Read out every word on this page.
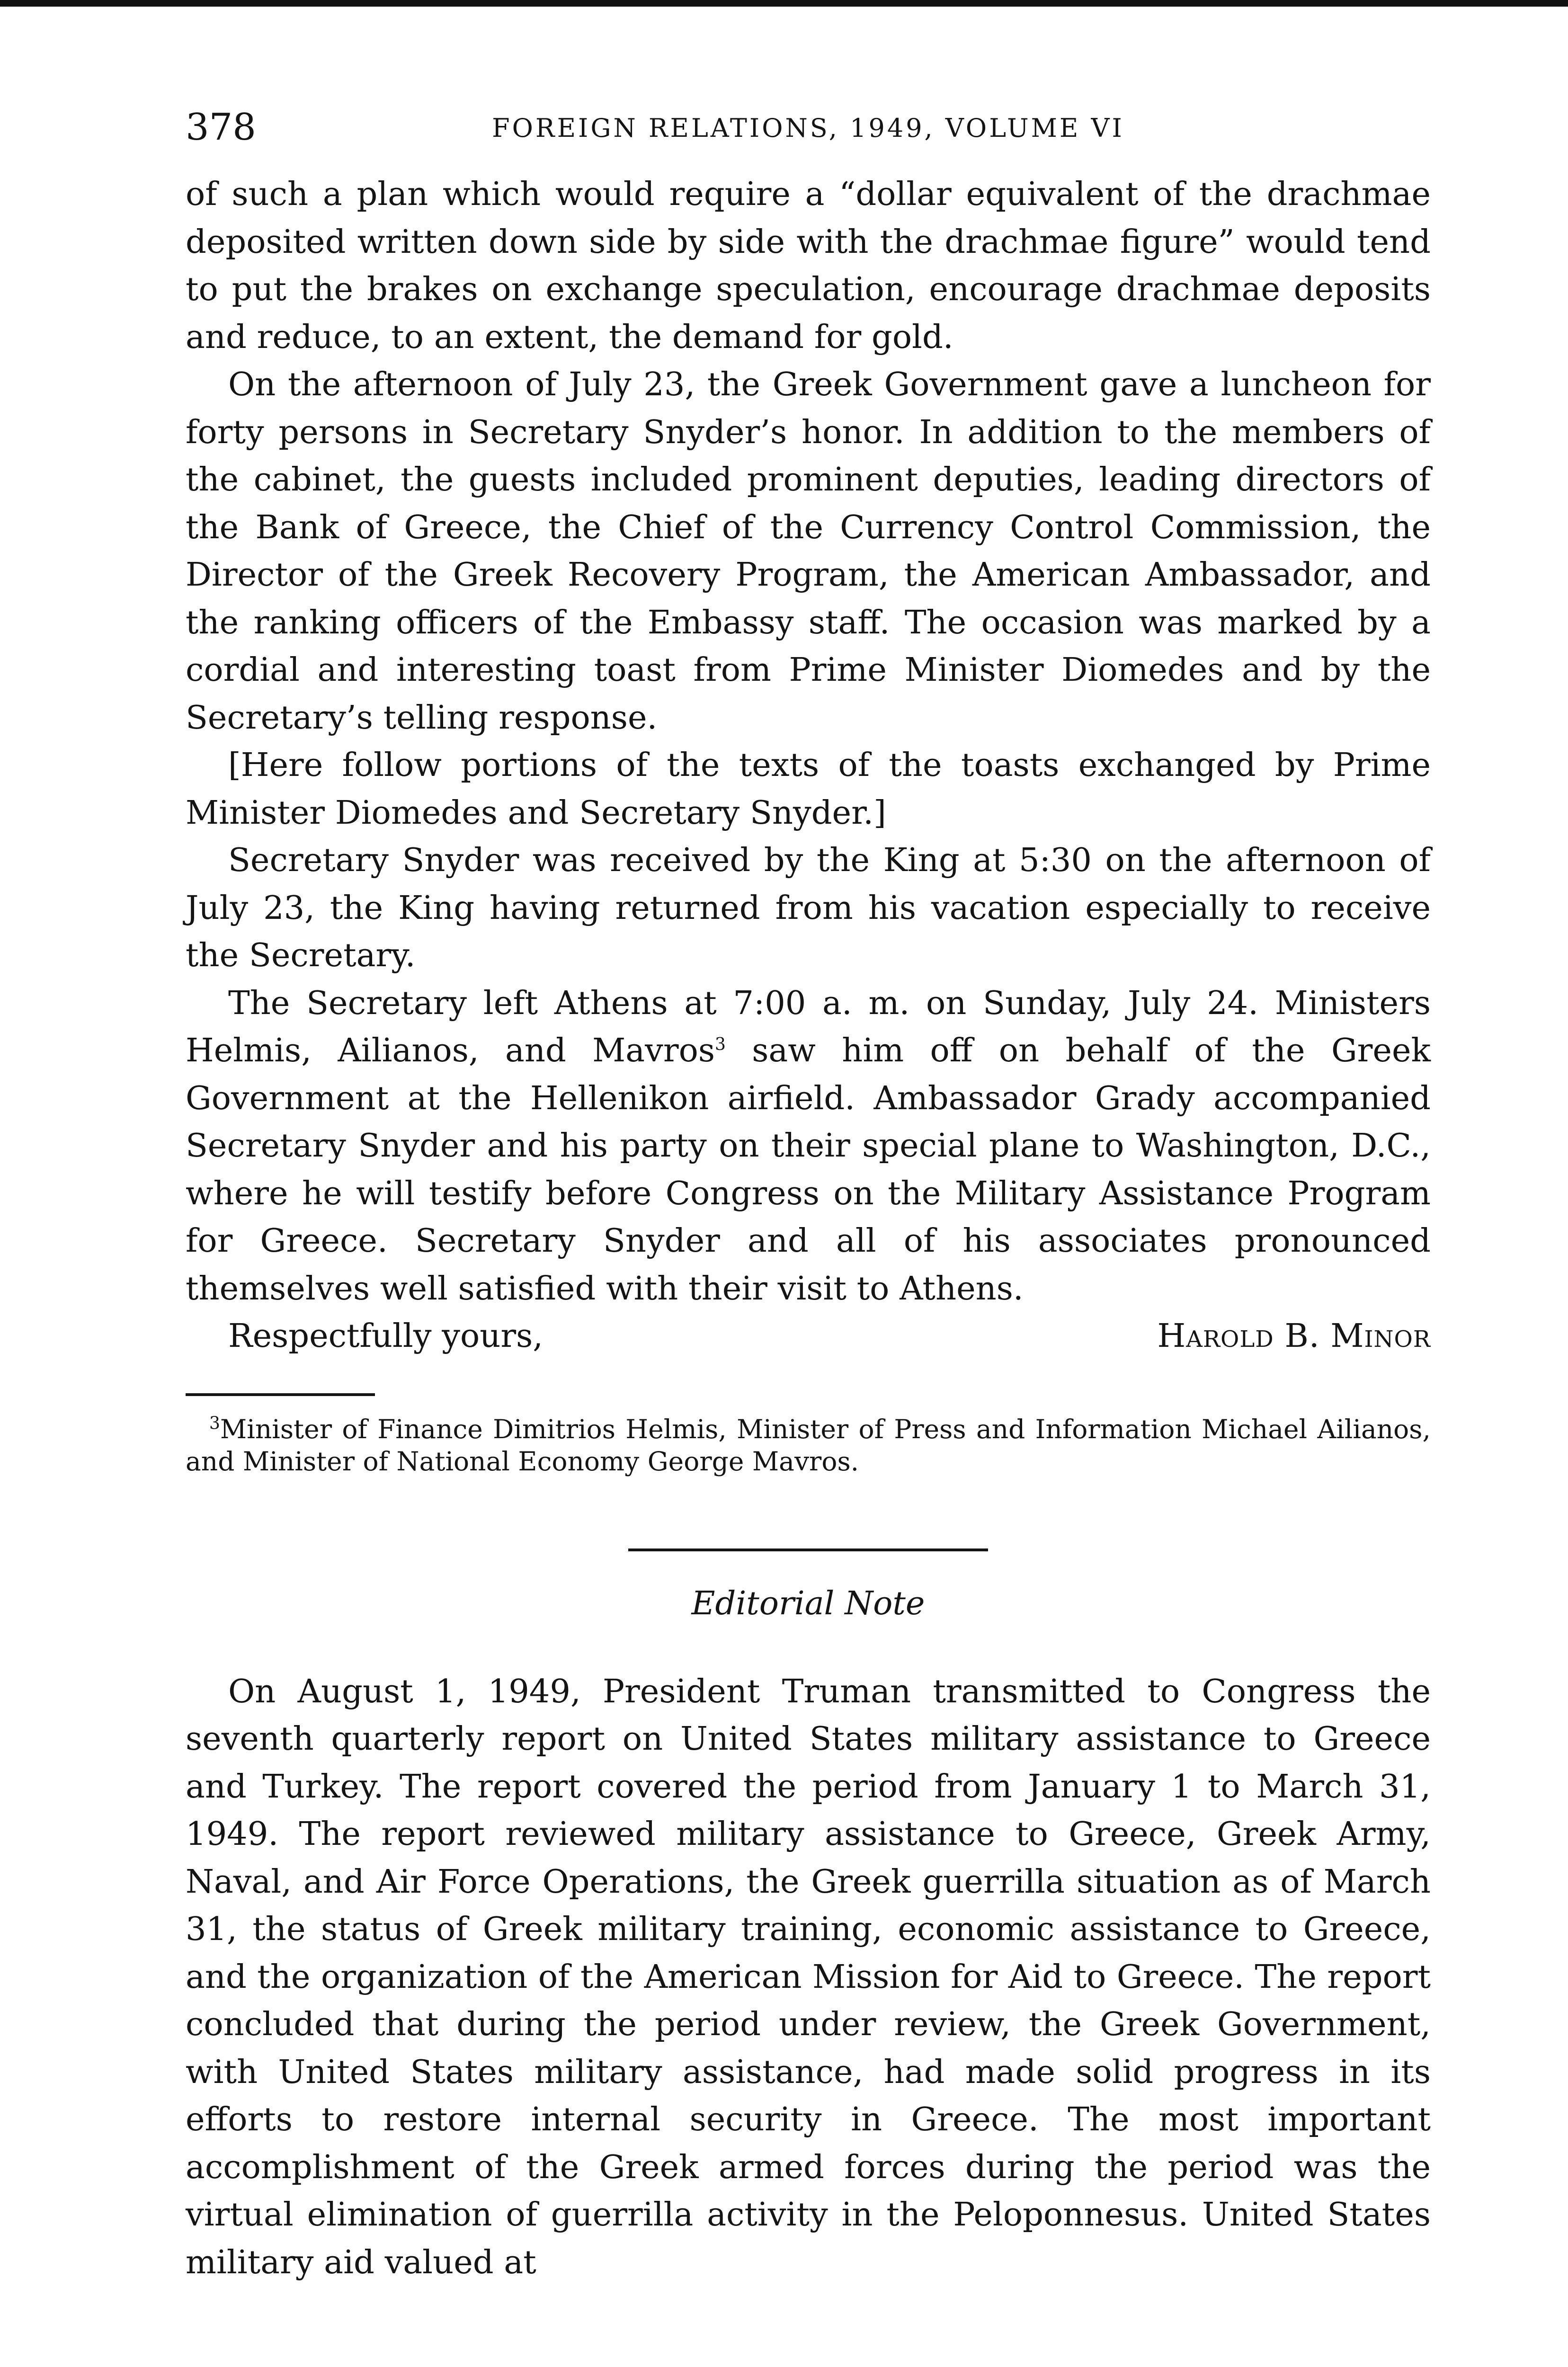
378	FOREIGN RELATIONS, 1949, VOLUME VI

of such a plan which would require a “dollar equivalent of the drachmae deposited written down side by side with the drachmae figure” would tend to put the brakes on exchange speculation, encourage drachmae deposits and reduce, to an extent, the demand for gold.

On the afternoon of July 23, the Greek Government gave a luncheon for forty persons in Secretary Snyder’s honor. In addition to the members of the cabinet, the guests included prominent deputies, leading directors of the Bank of Greece, the Chief of the Currency Control Commission, the Director of the Greek Recovery Program, the American Ambassador, and the ranking officers of the Embassy staff. The occasion was marked by a cordial and interesting toast from Prime Minister Diomedes and by the Secretary’s telling response.

[Here follow portions of the texts of the toasts exchanged by Prime Minister Diomedes and Secretary Snyder.]

Secretary Snyder was received by the King at 5:30 on the afternoon of July 23, the King having returned from his vacation especially to receive the Secretary.

The Secretary left Athens at 7:00 a. m. on Sunday, July 24. Ministers Helmis, Ailianos, and Mavros$^3$ saw him off on behalf of the Greek Government at the Hellenikon airfield. Ambassador Grady accompanied Secretary Snyder and his party on their special plane to Washington, D.C., where he will testify before Congress on the Military Assistance Program for Greece. Secretary Snyder and all of his associates pronounced themselves well satisfied with their visit to Athens.

Respectfully yours,	Harold B. Minor
$^3$Minister of Finance Dimitrios Helmis, Minister of Press and Information Michael Ailianos, and Minister of National Economy George Mavros.
Editorial Note

On August 1, 1949, President Truman transmitted to Congress the seventh quarterly report on United States military assistance to Greece and Turkey. The report covered the period from January 1 to March 31, 1949. The report reviewed military assistance to Greece, Greek Army, Naval, and Air Force Operations, the Greek guerrilla situation as of March 31, the status of Greek military training, economic assistance to Greece, and the organization of the American Mission for Aid to Greece. The report concluded that during the period under review, the Greek Government, with United States military assistance, had made solid progress in its efforts to restore internal security in Greece. The most important accomplishment of the Greek armed forces during the period was the virtual elimination of guerrilla activity in the Peloponnesus. United States military aid valued at
